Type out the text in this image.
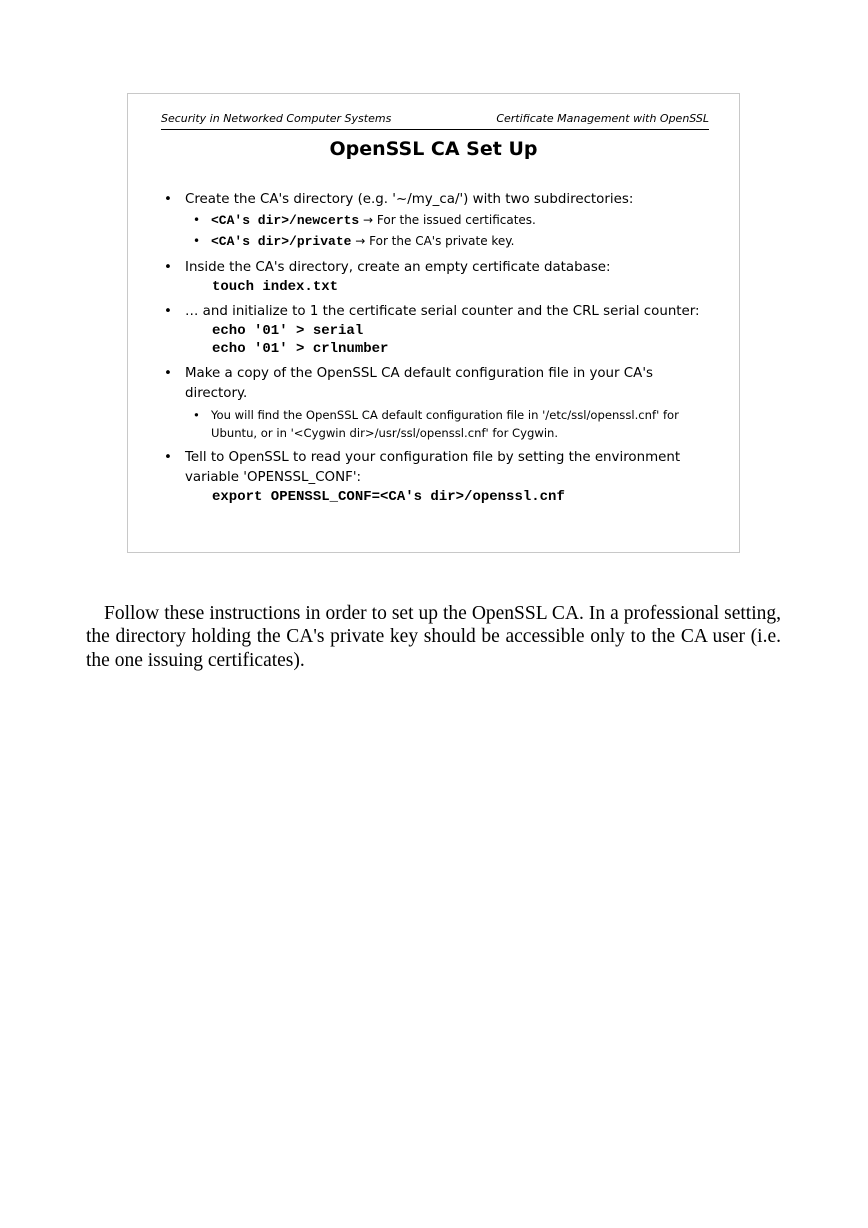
Security in Networked Computer Systems	Certificate Management with OpenSSL
OpenSSL CA Set Up
• Create the CA's directory (e.g. '~/my_ca/') with two subdirectories:
• <CA's dir>/newcerts → For the issued certificates.
• <CA's dir>/private → For the CA's private key.
• Inside the CA's directory, create an empty certificate database:
touch index.txt
• … and initialize to 1 the certificate serial counter and the CRL serial counter:
echo '01' > serial
echo '01' > crlnumber
• Make a copy of the OpenSSL CA default configuration file in your CA's directory.
• You will find the OpenSSL CA default configuration file in '/etc/ssl/openssl.cnf' for Ubuntu, or in '<Cygwin dir>/usr/ssl/openssl.cnf' for Cygwin.
• Tell to OpenSSL to read your configuration file by setting the environment variable 'OPENSSL_CONF':
export OPENSSL_CONF=<CA's dir>/openssl.cnf

Follow these instructions in order to set up the OpenSSL CA. In a professional setting, the directory holding the CA's private key should be accessible only to the CA user (i.e. the one issuing certificates).
